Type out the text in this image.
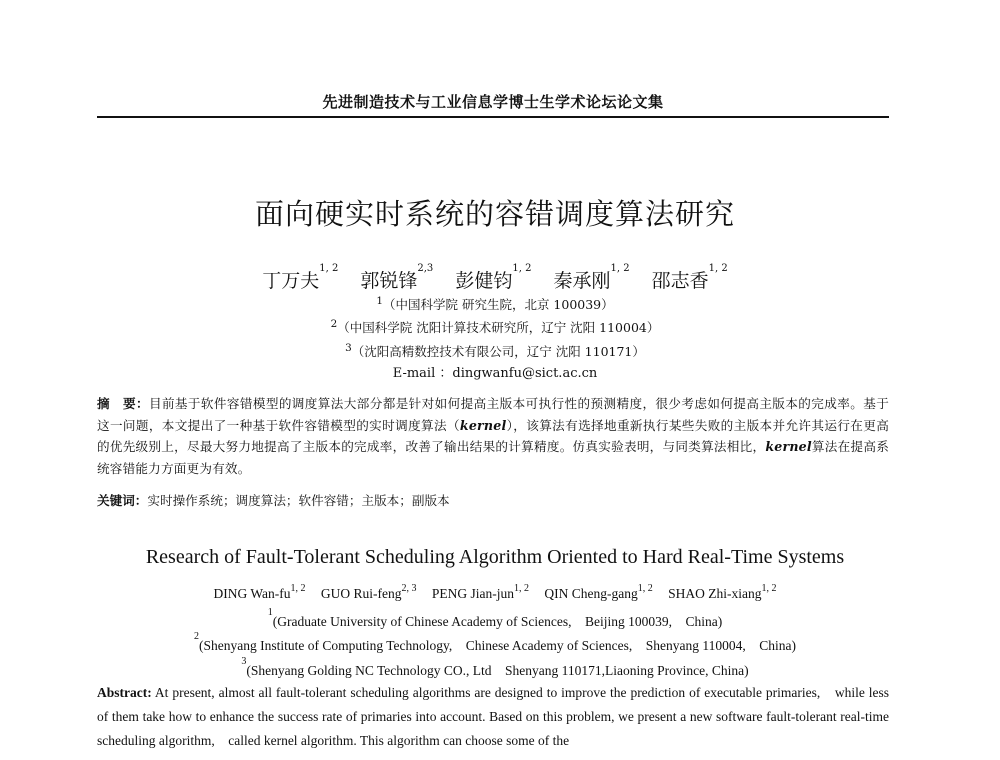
先进制造技术与工业信息学博士生学术论坛论文集
面向硬实时系统的容错调度算法研究
丁万夫$^{1, 2}$ 郭锐锋$^{2,3}$ 彭健钧$^{1, 2}$ 秦承刚$^{1, 2}$ 邵志香$^{1, 2}$
$^1$（中国科学院 研究生院，北京 100039）
$^2$（中国科学院 沈阳计算技术研究所，辽宁 沈阳 110004）
$^3$（沈阳高精数控技术有限公司，辽宁 沈阳 110171）
E-mail ：dingwanfu@sict.ac.cn
摘　要：目前基于软件容错模型的调度算法大部分都是针对如何提高主版本可执行性的预测精度，很少考虑如何提高主版本的完成率。基于这一问题，本文提出了一种基于软件容错模型的实时调度算法（kernel），该算法有选择地重新执行某些失败的主版本并允许其运行在更高的优先级别上，尽最大努力地提高了主版本的完成率，改善了输出结果的计算精度。仿真实验表明，与同类算法相比，kernel算法在提高系统容错能力方面更为有效。
关键词：实时操作系统；调度算法；软件容错；主版本；副版本
Research of Fault-Tolerant Scheduling Algorithm Oriented to Hard Real-Time Systems
DING Wan-fu$^{1, 2}$ GUO Rui-feng$^{2, 3}$ PENG Jian-jun$^{1, 2}$ QIN Cheng-gang$^{1, 2}$ SHAO Zhi-xiang$^{1, 2}$
$^1$(Graduate University of Chinese Academy of Sciences,　Beijing 100039,　China)
$^2$(Shenyang Institute of Computing Technology,　Chinese Academy of Sciences,　Shenyang 110004,　China)
$^3$(Shenyang Golding NC Technology CO., Ltd　Shenyang 110171,Liaoning Province, China)
Abstract: At present, almost all fault-tolerant scheduling algorithms are designed to improve the prediction of executable primaries,　while less of them take how to enhance the success rate of primaries into account. Based on this problem, we present a new software fault-tolerant real-time scheduling algorithm,　called kernel algorithm. This algorithm can choose some of the
